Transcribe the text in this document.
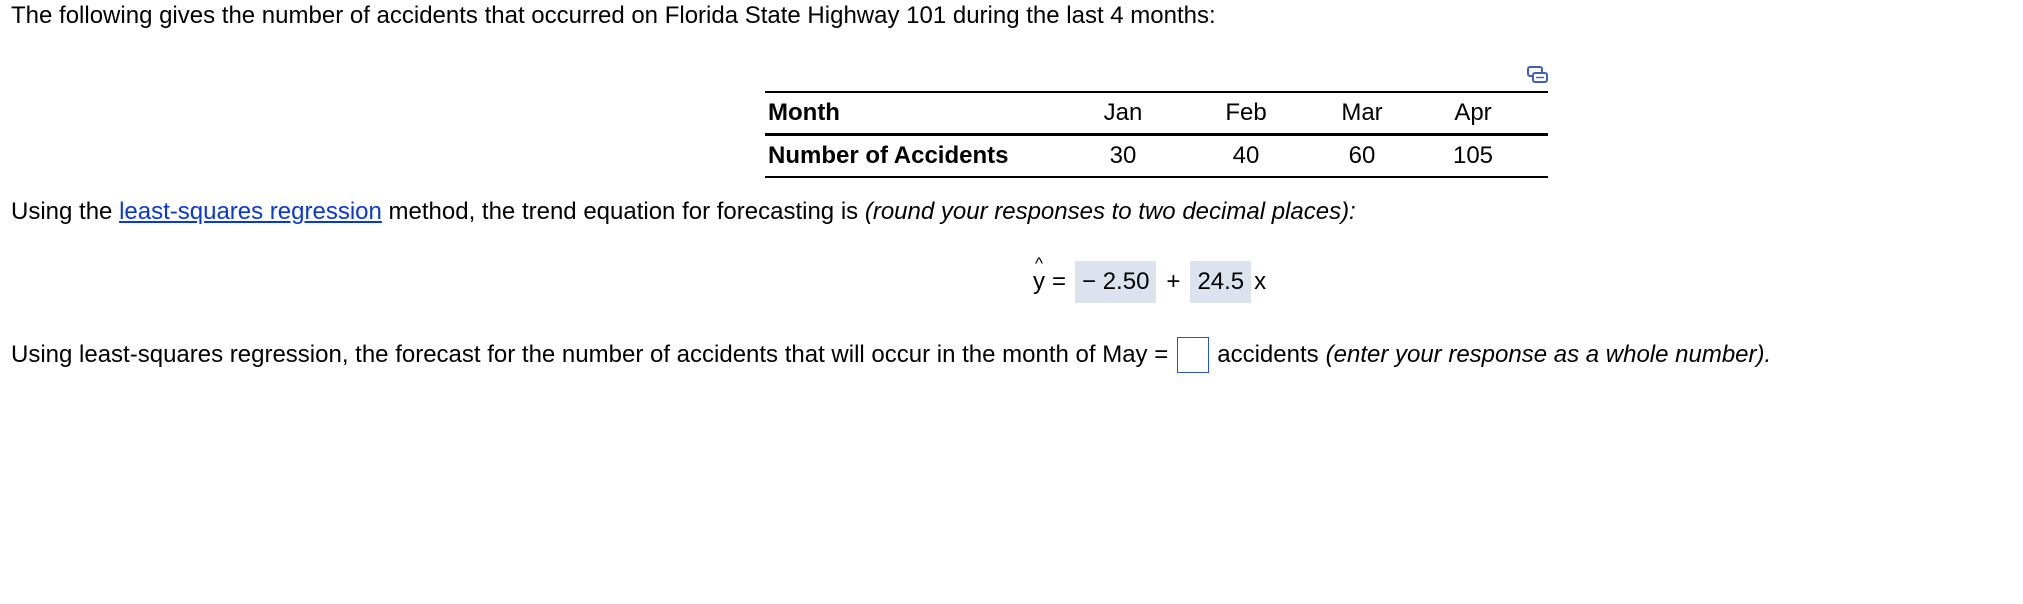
The following gives the number of accidents that occurred on Florida State Highway 101 during the last 4 months:
Month	Jan	Feb	Mar	Apr
Number of Accidents	30	40	60	105
Using the least-squares regression method, the trend equation for forecasting is (round your responses to two decimal places):
^
y = − 2.50 + 24.5 x
Using least-squares regression, the forecast for the number of accidents that will occur in the month of May = accidents (enter your response as a whole number).
